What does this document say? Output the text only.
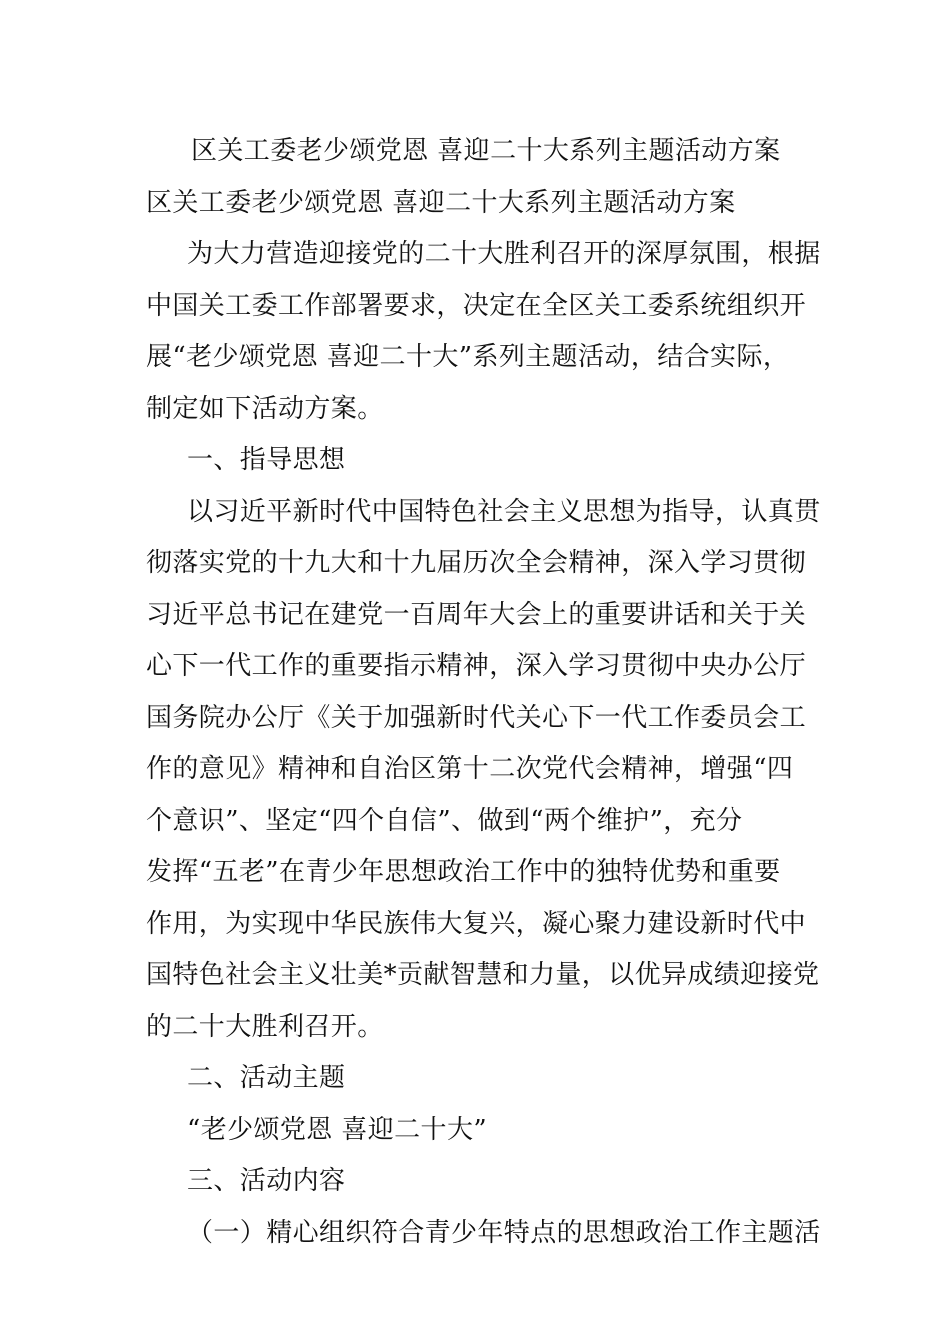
区关工委老少颂党恩 喜迎二十大系列主题活动方案
区关工委老少颂党恩 喜迎二十大系列主题活动方案
为大力营造迎接党的二十大胜利召开的深厚氛围，根据
中国关工委工作部署要求，决定在全区关工委系统组织开
展“老少颂党恩 喜迎二十大”系列主题活动，结合实际，
制定如下活动方案。
一、指导思想
以习近平新时代中国特色社会主义思想为指导，认真贯
彻落实党的十九大和十九届历次全会精神，深入学习贯彻
习近平总书记在建党一百周年大会上的重要讲话和关于关
心下一代工作的重要指示精神，深入学习贯彻中央办公厅
国务院办公厅《关于加强新时代关心下一代工作委员会工
作的意见》精神和自治区第十二次党代会精神，增强“四
个意识”、坚定“四个自信”、做到“两个维护”，充分
发挥“五老”在青少年思想政治工作中的独特优势和重要
作用，为实现中华民族伟大复兴，凝心聚力建设新时代中
国特色社会主义壮美*贡献智慧和力量，以优异成绩迎接党
的二十大胜利召开。
二、活动主题
“老少颂党恩 喜迎二十大”
三、活动内容
（一）精心组织符合青少年特点的思想政治工作主题活
